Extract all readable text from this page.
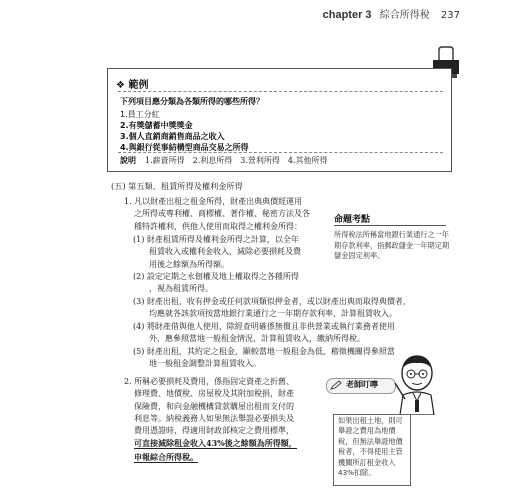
chapter 3 綜合所得稅 237
❖ 範例
下列項目應分類為各類所得的哪些所得？
1.員工分紅
2.有獎儲蓄中獎獎金
3.個人直銷商銷售商品之收入
4.與銀行從事結構型商品交易之所得
說明 1.薪資所得　2.利息所得　3.營利所得　4.其他所得
(五) 第五類、租賃所得及權利金所得
1. 凡以財產出租之租金所得，財產出典典價經運用
之所得或專利權、商標權、著作權、秘密方法及各
種特許權利，供他人使用而取得之權利金所得：
(1) 財產租賃所得及權利金所得之計算，以全年
租賃收入或權利金收入，減除必要損耗及費
用後之餘額為所得額。
(2) 設定定期之永佃權及地上權取得之各種所得
，視為租賃所得。
(3) 財產出租，收有押金或任何款項類似押金者，或以財產出典而取得典價者，
均應就各該款項按當地銀行業通行之一年期存款利率，計算租賃收入。
(4) 將財產借與他人使用，除經查明確係無償且非供營業或執行業務者使用
外，應參照當地一般租金情況，計算租賃收入，繳納所得稅。
(5) 財產出租，其約定之租金，顯較當地一般租金為低，稽徵機關得參照當
地一般租金調整計算租賃收入。
2. 所稱必要損耗及費用，係指固定資產之折舊、
修理費、地價稅、房屋稅及其附加稅捐，財產
保險費，和向金融機構貸款購屋出租而支付的
利息等。納稅義務人如果無法舉證必要損失及
費用憑證時，得適用財政部核定之費用標準，
可直接減除租金收入43%後之餘額為所得額，
申報綜合所得稅。
命題考點
所得稅法所稱當地銀行業通行之一年期存款利率，指郵政儲金一年期定期儲金固定利率。
老師叮嚀
如果出租土地，則可舉證之費用為地價稅，但無法舉證地價稅者，不得使用主管機關所訂租金收入43%扣除。
